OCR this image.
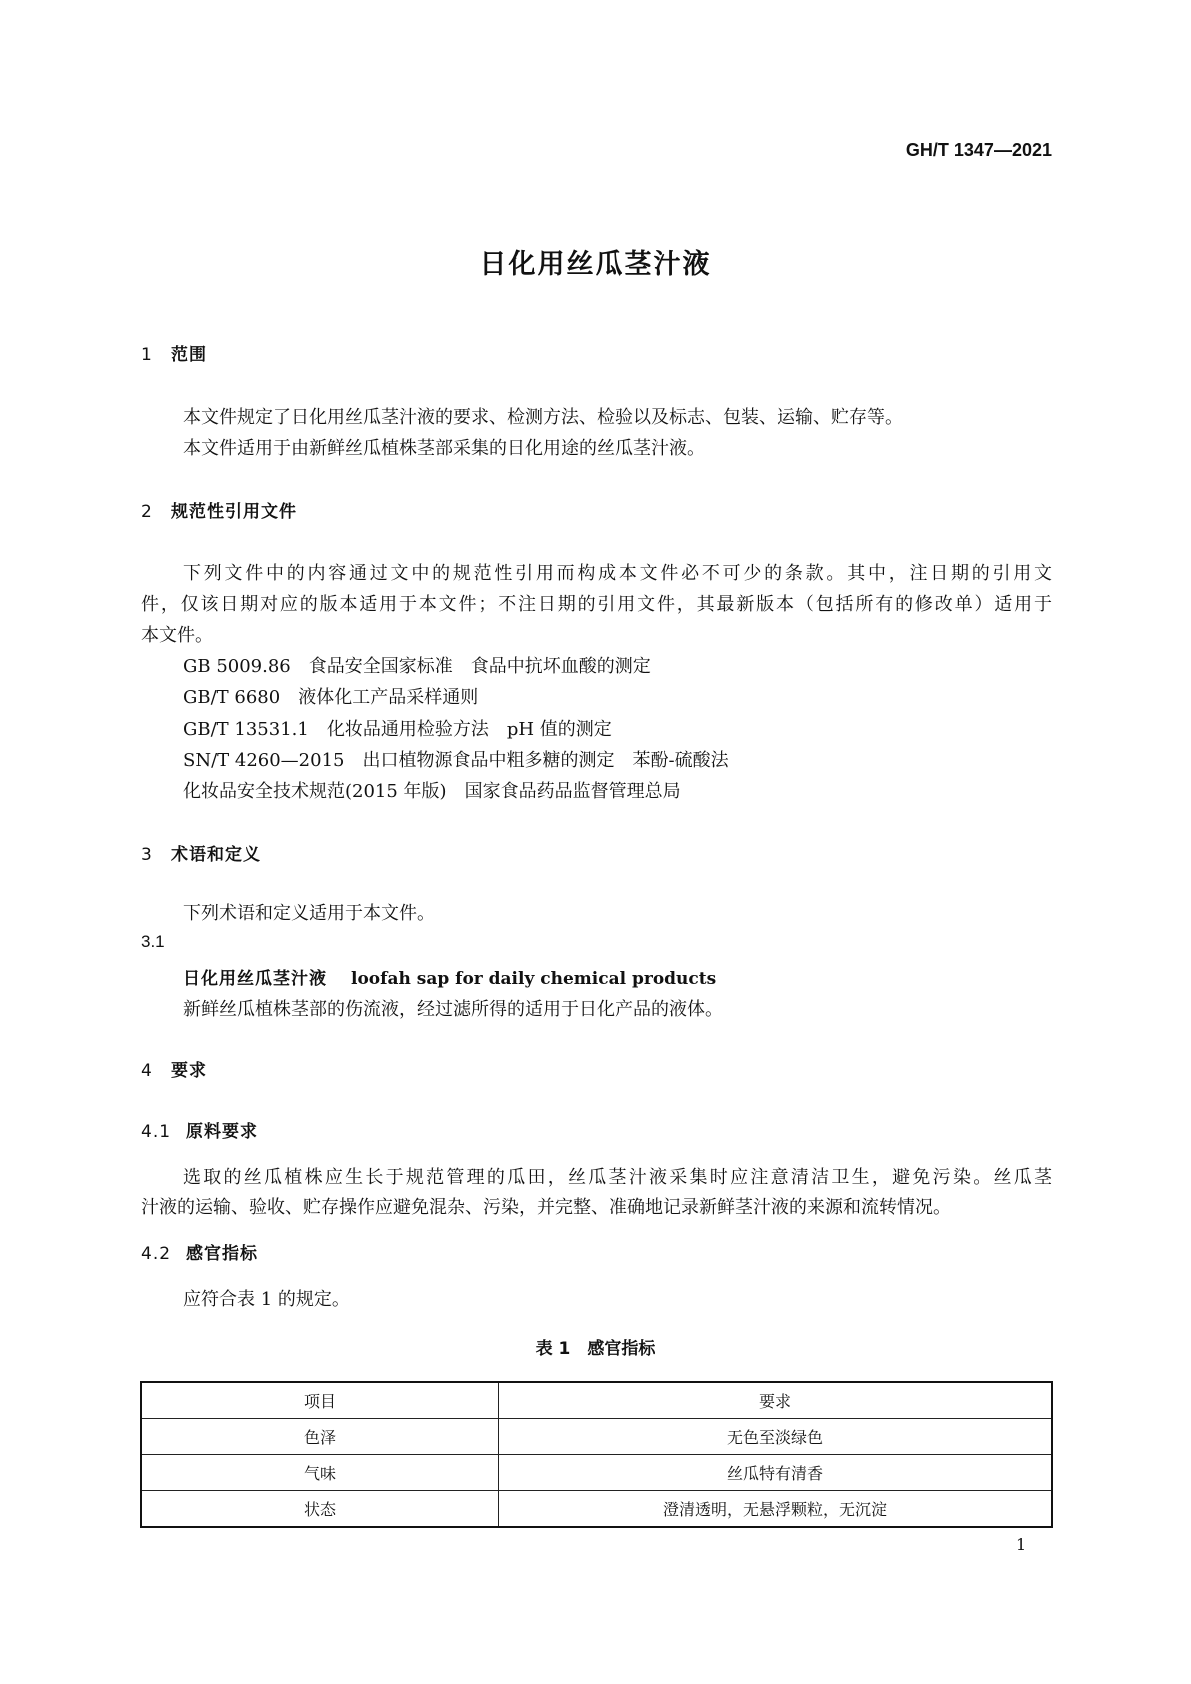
GH/T 1347—2021
日化用丝瓜茎汁液
1 范围
本文件规定了日化用丝瓜茎汁液的要求、检测方法、检验以及标志、包装、运输、贮存等。
本文件适用于由新鲜丝瓜植株茎部采集的日化用途的丝瓜茎汁液。
2 规范性引用文件
下列文件中的内容通过文中的规范性引用而构成本文件必不可少的条款。其中，注日期的引用文
件，仅该日期对应的版本适用于本文件；不注日期的引用文件，其最新版本（包括所有的修改单）适用于
本文件。
GB 5009.86　 食品安全国家标准　食品中抗坏血酸的测定
GB/T 6680　 液体化工产品采样通则
GB/T 13531.1　 化妆品通用检验方法　pH 值的测定
SN/T 4260—2015　 出口植物源食品中粗多糖的测定　苯酚-硫酸法
化妆品安全技术规范(2015 年版)　 国家食品药品监督管理总局
3 术语和定义
下列术语和定义适用于本文件。
3.1
日化用丝瓜茎汁液 loofah sap for daily chemical products
新鲜丝瓜植株茎部的伤流液，经过滤所得的适用于日化产品的液体。
4 要求
4.1 原料要求
选取的丝瓜植株应生长于规范管理的瓜田，丝瓜茎汁液采集时应注意清洁卫生，避免污染。丝瓜茎
汁液的运输、验收、贮存操作应避免混杂、污染，并完整、准确地记录新鲜茎汁液的来源和流转情况。
4.2 感官指标
应符合表 1 的规定。
表 1　感官指标
项目	要求
色泽	无色至淡绿色
气味	丝瓜特有清香
状态	澄清透明，无悬浮颗粒，无沉淀
1
